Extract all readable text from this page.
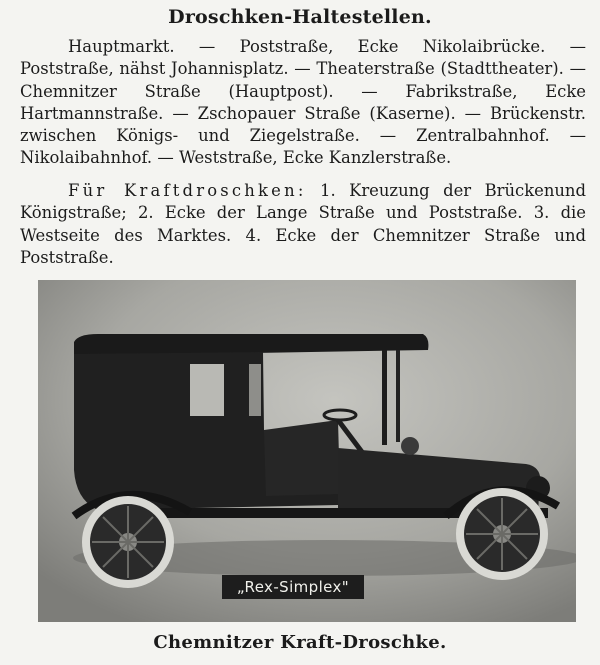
Droschken-Haltestellen.
Hauptmarkt. — Poststraße, Ecke Nikolaibrücke. — Poststraße, nähst Johannisplatz. — Theaterstraße (Stadttheater). — Chemnitzer Straße (Hauptpost). — Fabrikstraße, Ecke Hartmannstraße. — Zschopauer Straße (Kaserne). — Brückenstr. zwischen Königs- und Ziegelstraße. — Zentralbahnhof. — Nikolaibahnhof. — Weststraße, Ecke Kanzlerstraße.
Für Kraftdroschken: 1. Kreuzung der Brückenund Königstraße; 2. Ecke der Lange Straße und Poststraße. 3. die Westseite des Marktes. 4. Ecke der Chemnitzer Straße und Poststraße.
„Rex-Simplex"
Chemnitzer Kraft-Droschke.
